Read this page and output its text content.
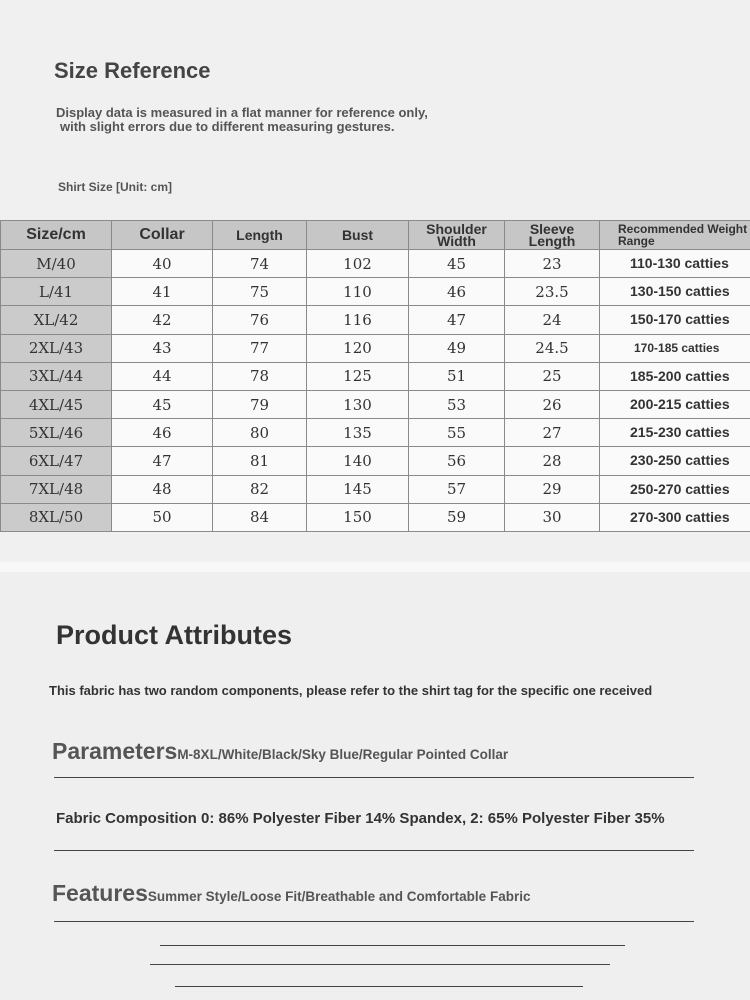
Size Reference
Display data is measured in a flat manner for reference only,
with slight errors due to different measuring gestures.
Shirt Size [Unit: cm]
Size/cm	Collar	Length	Bust	Shoulder Width	Sleeve Length	Recommended Weight Range
M/40	40	74	102	45	23	110-130 catties
L/41	41	75	110	46	23.5	130-150 catties
XL/42	42	76	116	47	24	150-170 catties
2XL/43	43	77	120	49	24.5	170-185 catties
3XL/44	44	78	125	51	25	185-200 catties
4XL/45	45	79	130	53	26	200-215 catties
5XL/46	46	80	135	55	27	215-230 catties
6XL/47	47	81	140	56	28	230-250 catties
7XL/48	48	82	145	57	29	250-270 catties
8XL/50	50	84	150	59	30	270-300 catties
Product Attributes
This fabric has two random components, please refer to the shirt tag for the specific one received
ParametersM-8XL/White/Black/Sky Blue/Regular Pointed Collar
Fabric Composition 0: 86% Polyester Fiber 14% Spandex, 2: 65% Polyester Fiber 35%
FeaturesSummer Style/Loose Fit/Breathable and Comfortable Fabric
